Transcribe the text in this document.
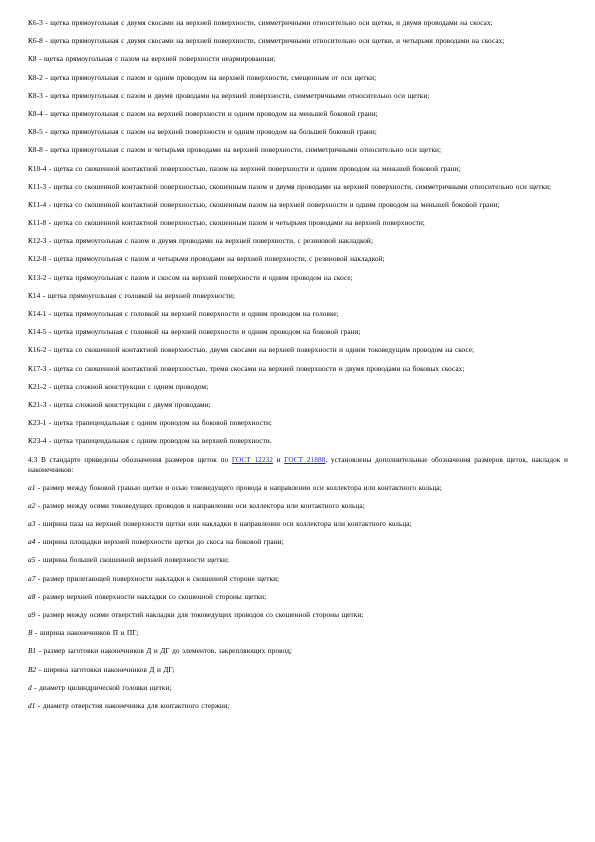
К6-3 - щетка прямоугольная с двумя скосами на верхней поверхности, симметричными относительно оси щетки, и двумя проводами на скосах;

К6-8 - щетка прямоугольная с двумя скосами на верхней поверхности, симметричными относительно оси щетки, и четырьмя проводами на скосах;

К8 - щетка прямоугольная с пазом на верхней поверхности неармированная;

К8-2 - щетка прямоугольная с пазом и одним проводом на верхней поверхности, смещенным от оси щетки;

К8-3 - щетка прямоугольная с пазом и двумя проводами на верхней поверхности, симметричными относительно оси щетки;

К8-4 - щетка прямоугольная с пазом на верхней поверхности и одним проводом на меньшей боковой грани;

К8-5 - щетка прямоугольная с пазом на верхней поверхности и одним проводом на большей боковой грани;

К8-8 - щетка прямоугольная с пазом и четырьмя проводами на верхней поверхности, симметричными относительно оси щетки;

К10-4 - щетка со скошенной контактной поверхностью, пазом на верхней поверхности и одним проводом на меньшей боковой грани;

К11-3 - щетка со скошенной контактной поверхностью, скошенным пазом и двумя проводами на верхней поверхности, симметричными относительно оси щетки;

К11-4 - щетка со скошенной контактной поверхностью, скошенным пазом на верхней поверхности и одним проводом на меньшей боковой грани;

К11-8 - щетка со скошенной контактной поверхностью, скошенным пазом и четырьмя проводами на верхней поверхности;

К12-3 - щетка прямоугольная с пазом и двумя проводами на верхней поверхности, с резиновой накладкой;

К12-8 - щетка прямоугольная с пазом и четырьмя проводами на верхней поверхности, с резиновой накладкой;

К13-2 - щетка прямоугольная с пазом и скосом на верхней поверхности и одним проводом на скосе;

К14 - щетка прямоугольная с головкой на верхней поверхности;

К14-1 - щетка прямоугольная с головкой на верхней поверхности и одним проводом на головке;

К14-5 - щетка прямоугольная с головкой на верхней поверхности и одним проводом на боковой грани;

К16-2 - щетка со скошенной контактной поверхностью, двумя скосами на верхней поверхности и одним токоведущим проводом на скосе;

К17-3 - щетка со скошенной контактной поверхностью, тремя скосами на верхней поверхности и двумя проводами на боковых скосах;

К21-2 - щетка сложной конструкции с одним проводом;

К21-3 - щетка сложной конструкции с двумя проводами;

К23-1 - щетка трапецеидальная с одним проводом на боковой поверхности;

К23-4 - щетка трапецеидальная с одним проводом на верхней поверхности.

4.3 В стандарте приведены обозначения размеров щеток по ГОСТ 12232 и ГОСТ 21888, установлены дополнительные обозначения размеров щеток, накладок и наконечников:

a1 - размер между боковой гранью щетки и осью токоведущего провода в направлении оси коллектора или контактного кольца;

a2 - размер между осями токоведущих проводов в направлении оси коллектора или контактного кольца;

a3 - ширина паза на верхней поверхности щетки или накладки в направлении оси коллектора или контактного кольца;

a4 - ширина площадки верхней поверхности щетки до скоса на боковой грани;

a5 - ширина большей скошенной верхней поверхности щетки;

a7 - размер прилегающей поверхности накладки к скошенной стороне щетки;

a8 - размер верхней поверхности накладки со скошенной стороны щетки;

a9 - размер между осями отверстий накладки для токоведущих проводов со скошенной стороны щетки;

B - ширина наконечников П и ПГ;

B1 - размер заготовки наконечников Д и ДГ до элементов, закрепляющих провод;

B2 - ширина заготовки наконечников Д и ДГ;

d - диаметр цилиндрической головки щетки;

d1 - диаметр отверстия наконечника для контактного стержня;
